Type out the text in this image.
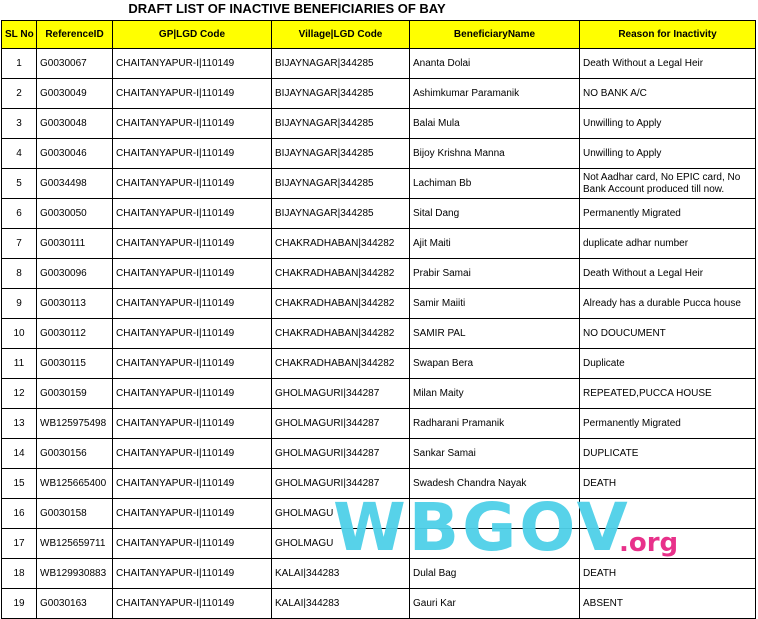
DRAFT LIST OF INACTIVE BENEFICIARIES OF BAY
SL No	ReferenceID	GP|LGD Code	Village|LGD Code	BeneficiaryName	Reason for Inactivity
1	G0030067	CHAITANYAPUR-I|110149	BIJAYNAGAR|344285	Ananta Dolai	Death Without a Legal Heir
2	G0030049	CHAITANYAPUR-I|110149	BIJAYNAGAR|344285	Ashimkumar Paramanik	NO BANK A/C
3	G0030048	CHAITANYAPUR-I|110149	BIJAYNAGAR|344285	Balai Mula	Unwilling to Apply
4	G0030046	CHAITANYAPUR-I|110149	BIJAYNAGAR|344285	Bijoy Krishna Manna	Unwilling to Apply
5	G0034498	CHAITANYAPUR-I|110149	BIJAYNAGAR|344285	Lachiman Bb	Not Aadhar card, No EPIC card, No Bank Account produced till now.
6	G0030050	CHAITANYAPUR-I|110149	BIJAYNAGAR|344285	Sital Dang	Permanently Migrated
7	G0030111	CHAITANYAPUR-I|110149	CHAKRADHABAN|344282	Ajit Maiti	duplicate adhar number
8	G0030096	CHAITANYAPUR-I|110149	CHAKRADHABAN|344282	Prabir Samai	Death Without a Legal Heir
9	G0030113	CHAITANYAPUR-I|110149	CHAKRADHABAN|344282	Samir Maiiti	Already has a durable Pucca house
10	G0030112	CHAITANYAPUR-I|110149	CHAKRADHABAN|344282	SAMIR PAL	NO DOUCUMENT
11	G0030115	CHAITANYAPUR-I|110149	CHAKRADHABAN|344282	Swapan Bera	Duplicate
12	G0030159	CHAITANYAPUR-I|110149	GHOLMAGURI|344287	Milan Maity	REPEATED,PUCCA HOUSE
13	WB125975498	CHAITANYAPUR-I|110149	GHOLMAGURI|344287	Radharani Pramanik	Permanently Migrated
14	G0030156	CHAITANYAPUR-I|110149	GHOLMAGURI|344287	Sankar Samai	DUPLICATE
15	WB125665400	CHAITANYAPUR-I|110149	GHOLMAGURI|344287	Swadesh Chandra Nayak	DEATH
16	G0030158	CHAITANYAPUR-I|110149	GHOLMAGU		
17	WB125659711	CHAITANYAPUR-I|110149	GHOLMAGU		
18	WB129930883	CHAITANYAPUR-I|110149	KALAI|344283	Dulal Bag	DEATH
19	G0030163	CHAITANYAPUR-I|110149	KALAI|344283	Gauri Kar	ABSENT
WBGOV
.org
